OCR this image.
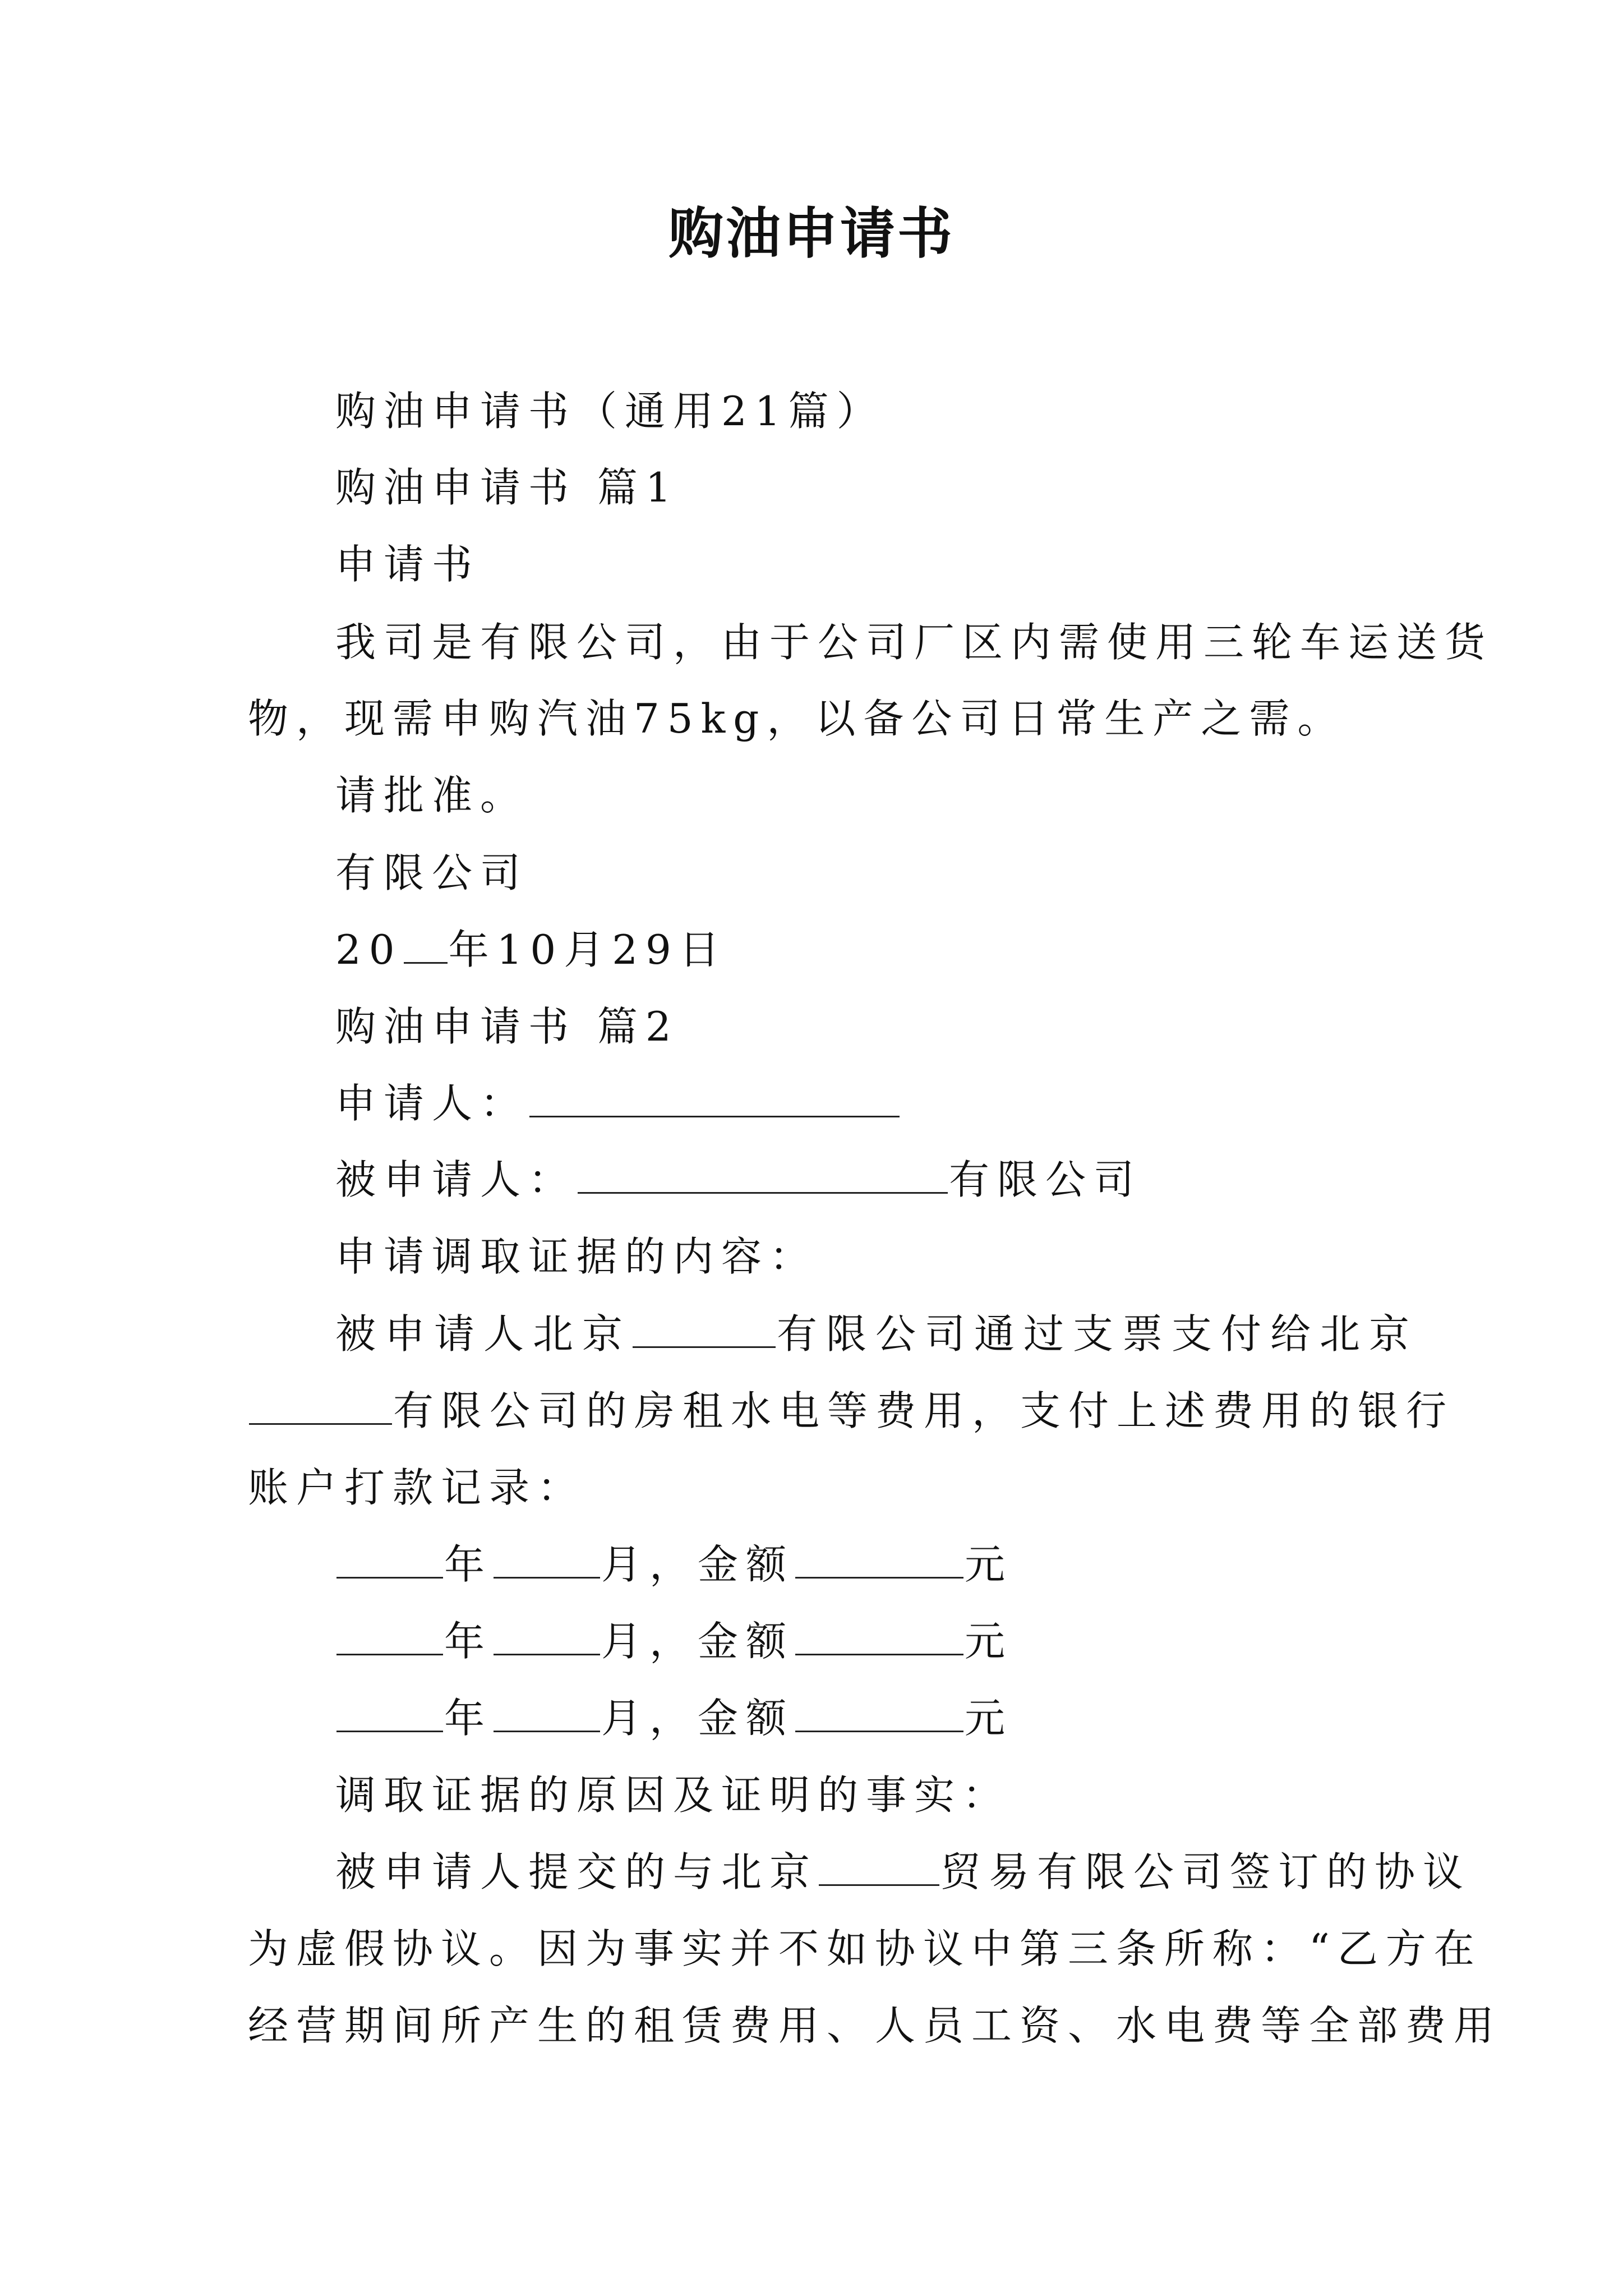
购油申请书
购油申请书（通用21篇）
购油申请书 篇1
申请书
我司是有限公司，由于公司厂区内需使用三轮车运送货
物，现需申购汽油75kg，以备公司日常生产之需。
请批准。
有限公司
20 年10月29日
购油申请书 篇2
申请人：
被申请人：	有限公司
申请调取证据的内容：
被申请人北京	有限公司通过支票支付给北京
有限公司的房租水电等费用，支付上述费用的银行
账户打款记录：
年	月，金额	元
年	月，金额	元
年	月，金额	元
调取证据的原因及证明的事实：
被申请人提交的与北京	贸易有限公司签订的协议
为虚假协议。因为事实并不如协议中第三条所称：“乙方在
经营期间所产生的租赁费用、人员工资、水电费等全部费用
